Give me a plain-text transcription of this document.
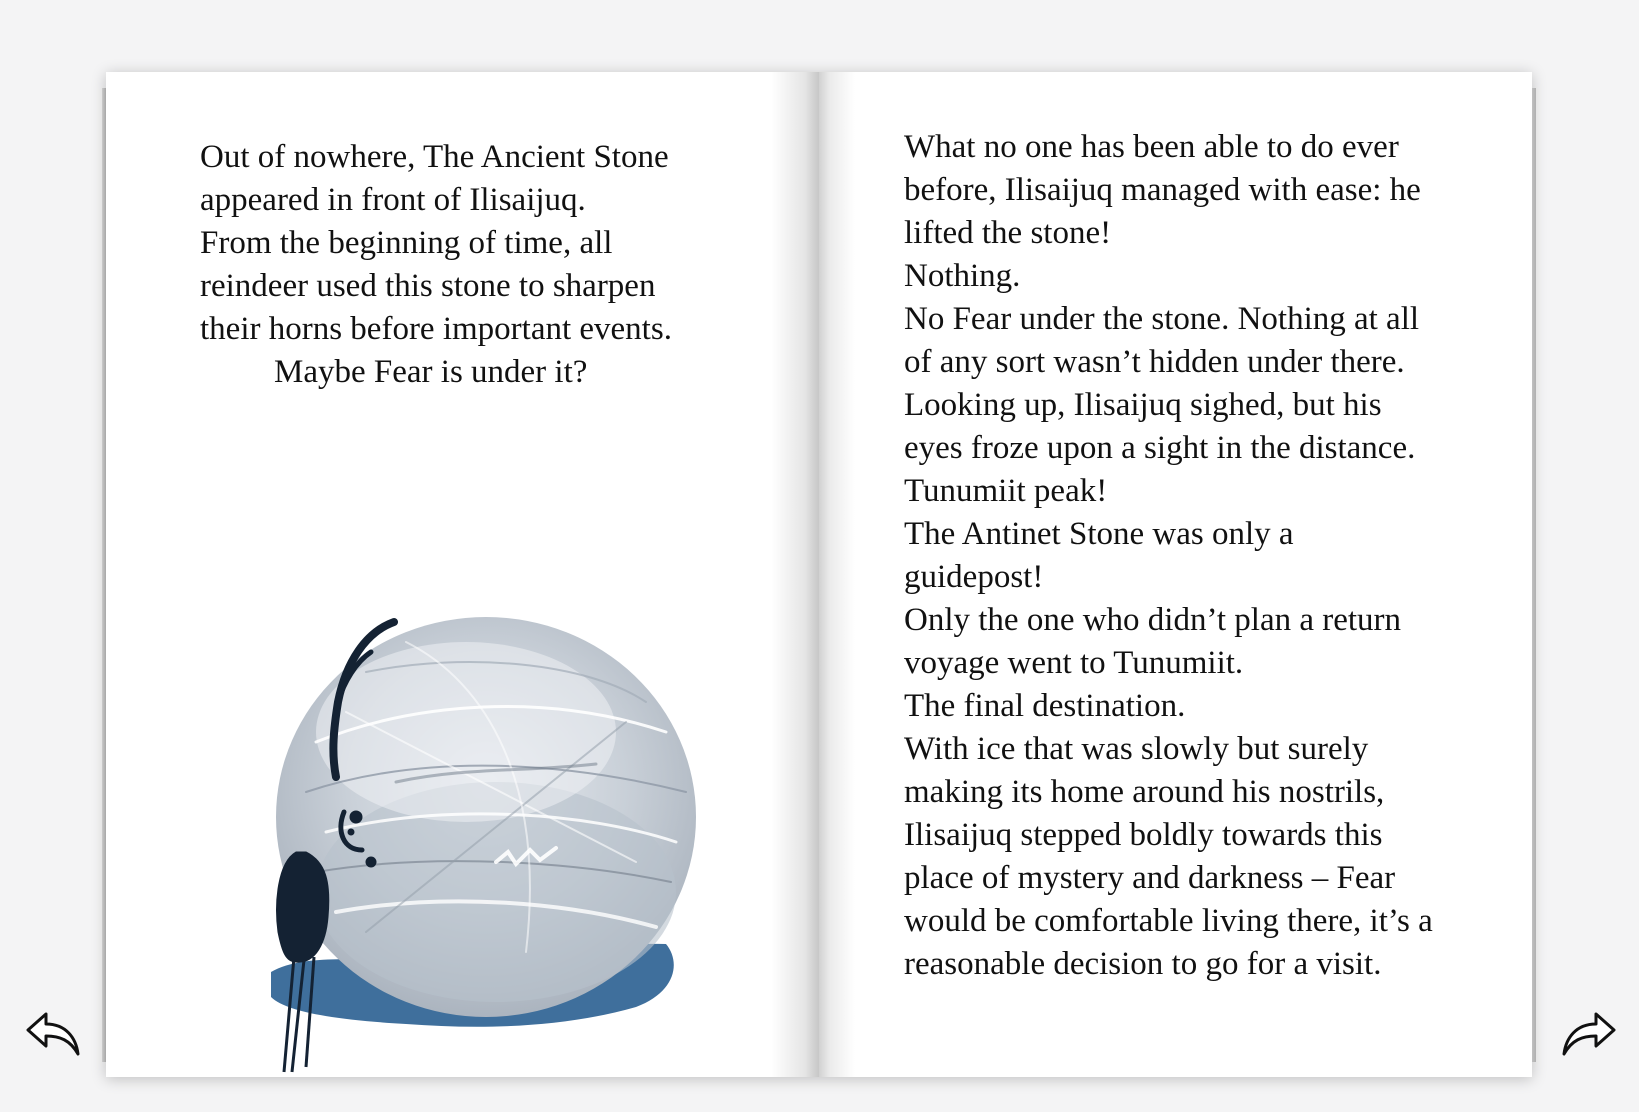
Out of nowhere, The Ancient Stone
appeared in front of Ilisaijuq.
From the beginning of time, all
reindeer used this stone to sharpen
their horns before important events.
Maybe Fear is under it?
What no one has been able to do ever
before, Ilisaijuq managed with ease: he
lifted the stone!
Nothing.
No Fear under the stone. Nothing at all
of any sort wasn’t hidden under there.
Looking up, Ilisaijuq sighed, but his
eyes froze upon a sight in the distance.
Tunumiit peak!
The Antinet Stone was only a
guidepost!
Only the one who didn’t plan a return
voyage went to Tunumiit.
The final destination.
With ice that was slowly but surely
making its home around his nostrils,
Ilisaijuq stepped boldly towards this
place of mystery and darkness – Fear
would be comfortable living there, it’s a
reasonable decision to go for a visit.
